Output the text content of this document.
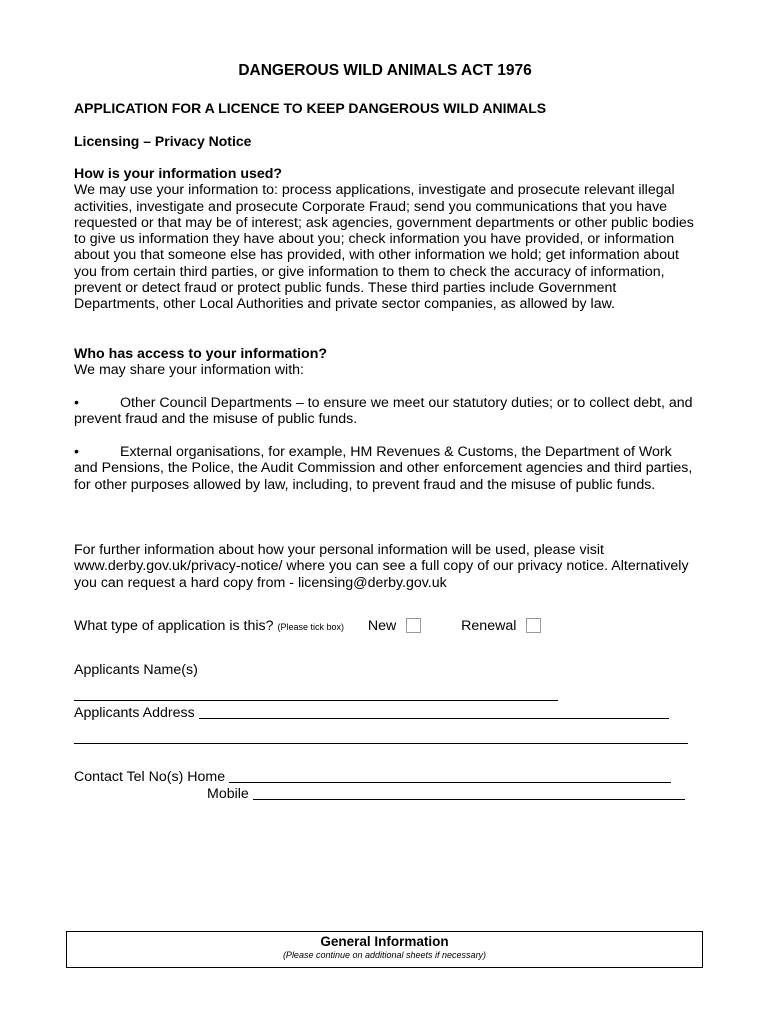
DANGEROUS WILD ANIMALS ACT 1976
APPLICATION FOR A LICENCE TO KEEP DANGEROUS WILD ANIMALS
Licensing – Privacy Notice
How is your information used?
We may use your information to: process applications, investigate and prosecute relevant illegal activities, investigate and prosecute Corporate Fraud; send you communications that you have requested or that may be of interest; ask agencies, government departments or other public bodies to give us information they have about you; check information you have provided, or information about you that someone else has provided, with other information we hold; get information about you from certain third parties, or give information to them to check the accuracy of information, prevent or detect fraud or protect public funds. These third parties include Government Departments, other Local Authorities and private sector companies, as allowed by law.
Who has access to your information?
We may share your information with:
•	Other Council Departments – to ensure we meet our statutory duties; or to collect debt, and prevent fraud and the misuse of public funds.
•	External organisations, for example, HM Revenues & Customs, the Department of Work and Pensions, the Police, the Audit Commission and other enforcement agencies and third parties, for other purposes allowed by law, including, to prevent fraud and the misuse of public funds.
For further information about how your personal information will be used, please visit www.derby.gov.uk/privacy-notice/ where you can see a full copy of our privacy notice. Alternatively you can request a hard copy from - licensing@derby.gov.uk
What type of application is this? (Please tick box) New	Renewal
Applicants Name(s)
Applicants Address
Contact Tel No(s) Home
Mobile
General Information
(Please continue on additional sheets if necessary)
